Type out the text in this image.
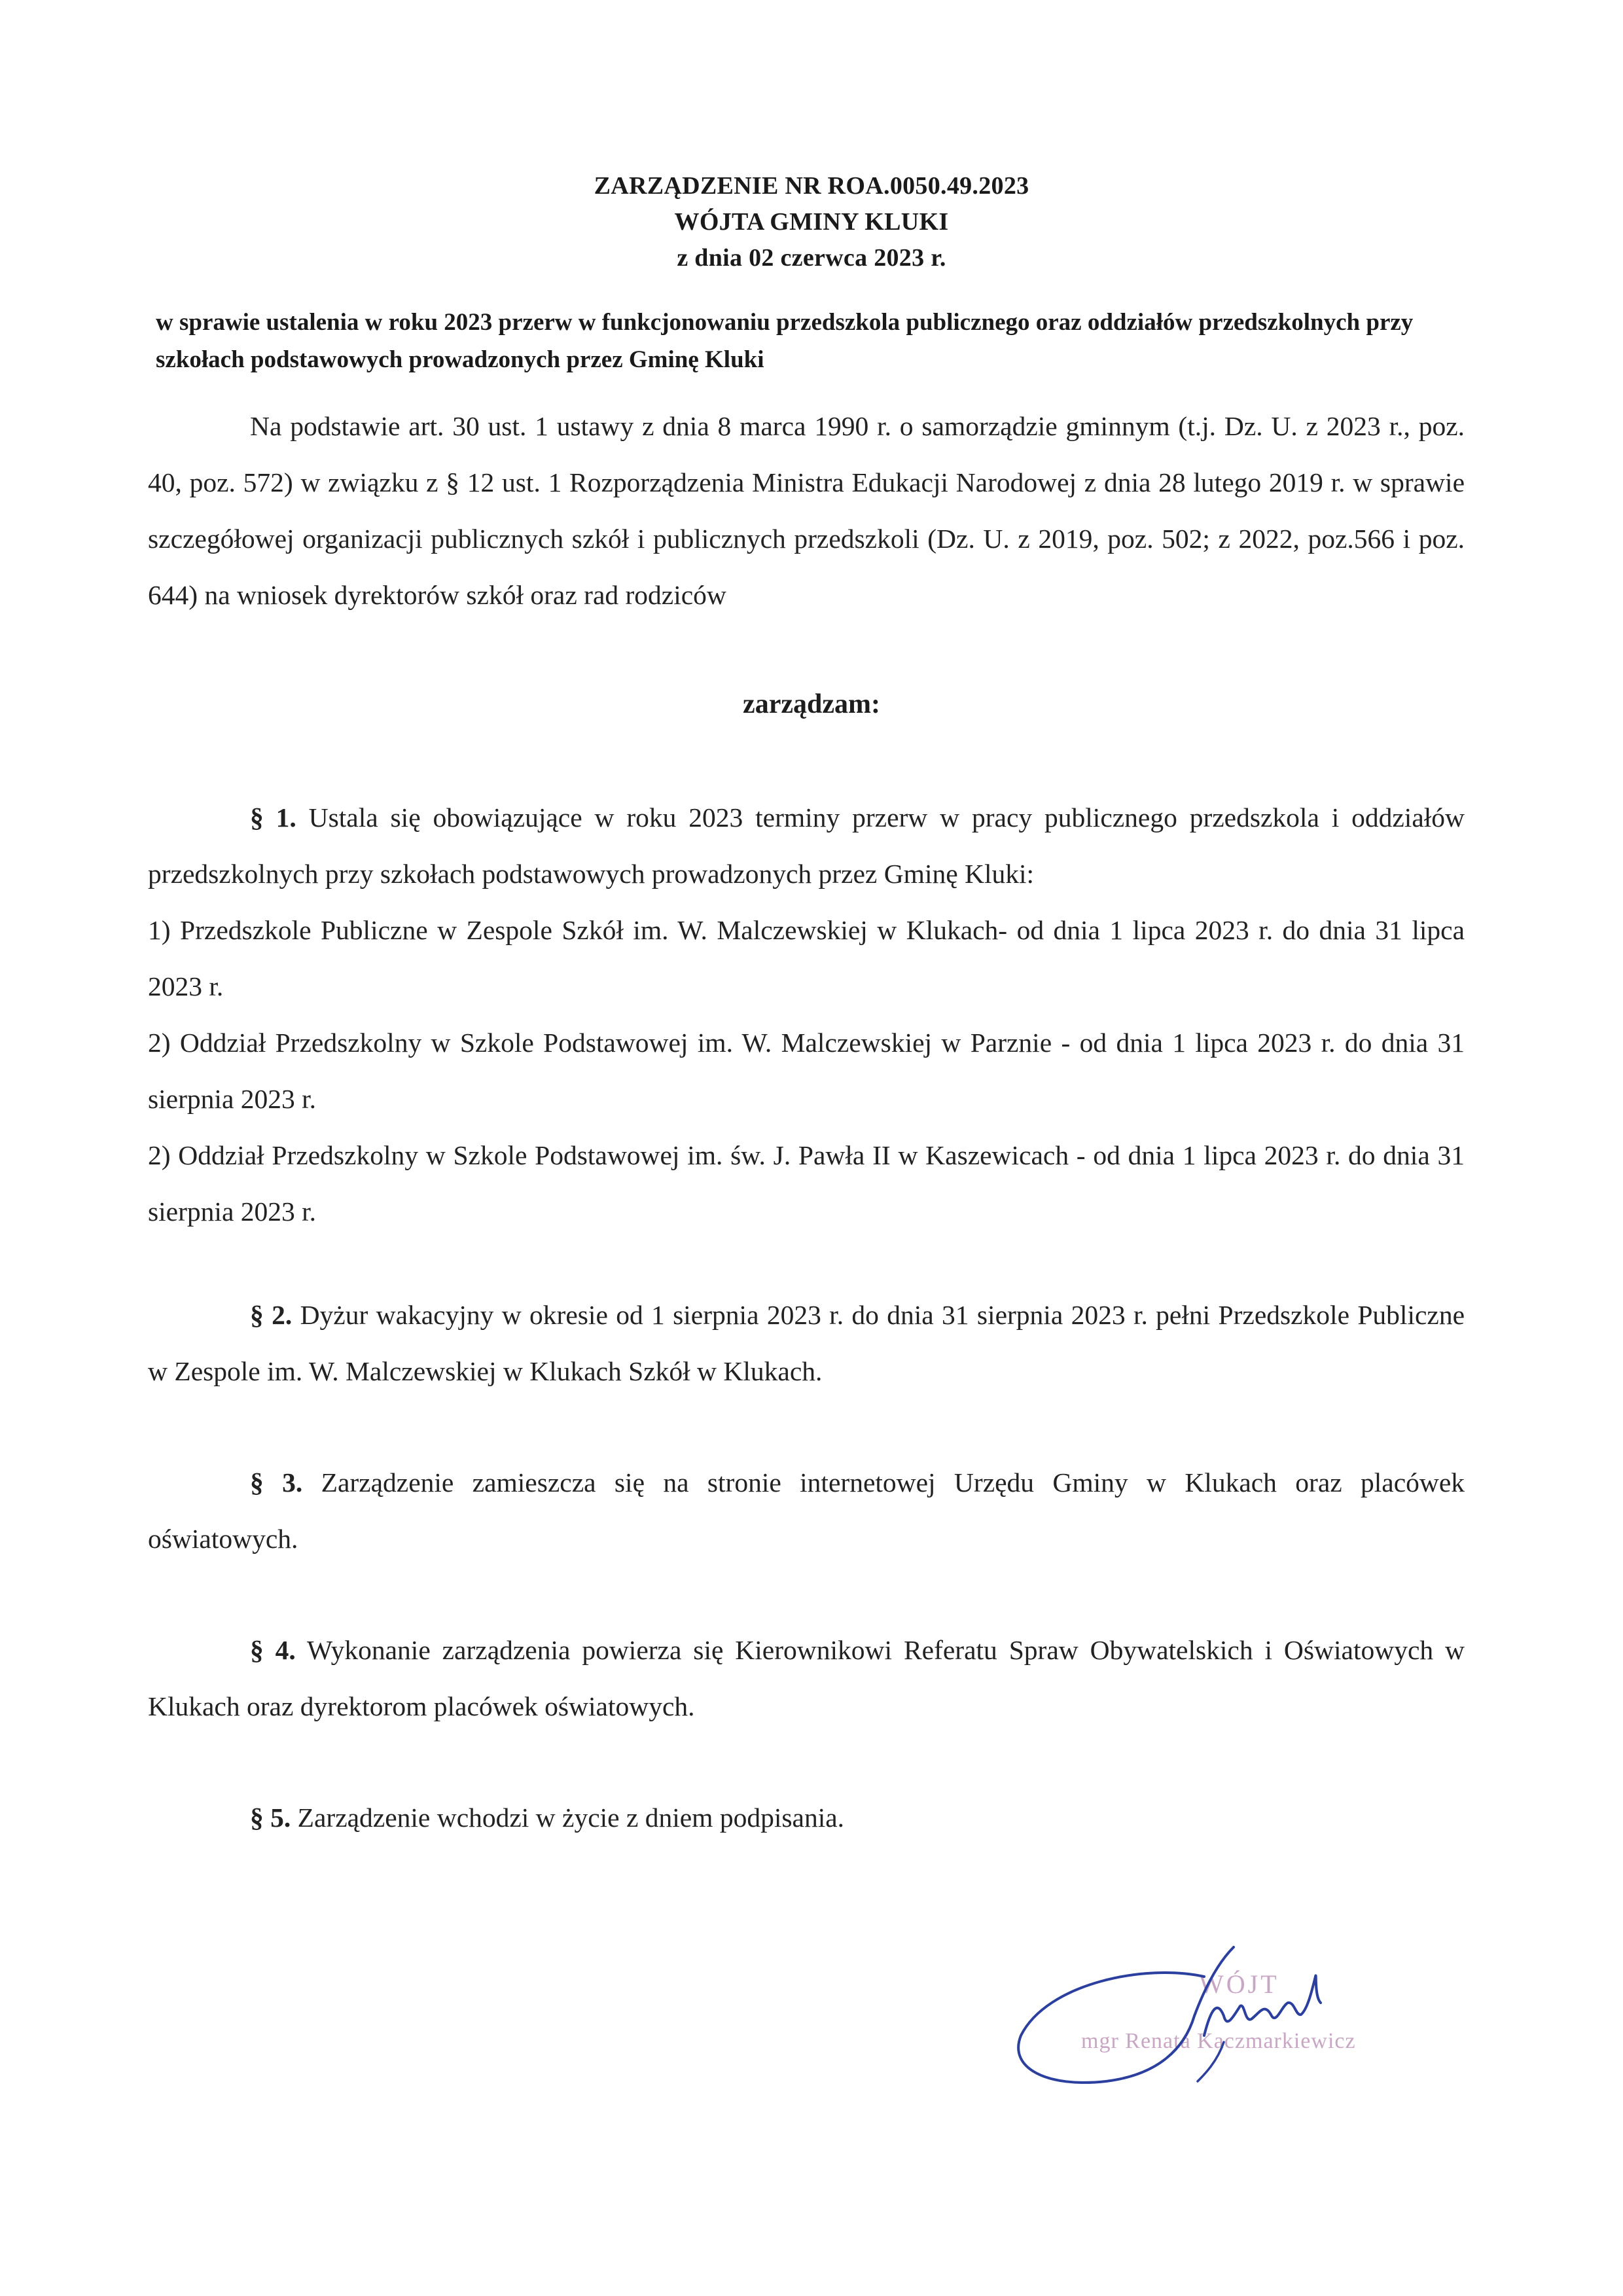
ZARZĄDZENIE NR ROA.0050.49.2023
WÓJTA GMINY KLUKI
z dnia 02 czerwca 2023 r.
w sprawie ustalenia w roku 2023 przerw w funkcjonowaniu przedszkola publicznego oraz oddziałów przedszkolnych przy szkołach podstawowych prowadzonych przez Gminę Kluki
Na podstawie art. 30 ust. 1 ustawy z dnia 8 marca 1990 r. o samorządzie gminnym (t.j. Dz. U. z 2023 r., poz. 40, poz. 572) w związku z § 12 ust. 1 Rozporządzenia Ministra Edukacji Narodowej z dnia 28 lutego 2019 r. w sprawie szczegółowej organizacji publicznych szkół i publicznych przedszkoli (Dz. U. z 2019, poz. 502; z 2022, poz.566 i poz. 644) na wniosek dyrektorów szkół oraz rad rodziców
zarządzam:
§ 1. Ustala się obowiązujące w roku 2023 terminy przerw w pracy publicznego przedszkola i oddziałów przedszkolnych przy szkołach podstawowych prowadzonych przez Gminę Kluki:
1) Przedszkole Publiczne w Zespole Szkół im. W. Malczewskiej w Klukach- od dnia 1 lipca 2023 r. do dnia 31 lipca 2023 r.
2) Oddział Przedszkolny w Szkole Podstawowej im. W. Malczewskiej w Parznie - od dnia 1 lipca 2023 r. do dnia 31 sierpnia 2023 r.
2) Oddział Przedszkolny w Szkole Podstawowej im. św. J. Pawła II w Kaszewicach - od dnia 1 lipca 2023 r. do dnia 31 sierpnia 2023 r.
§ 2. Dyżur wakacyjny w okresie od 1 sierpnia 2023 r. do dnia 31 sierpnia 2023 r. pełni Przedszkole Publiczne w Zespole im. W. Malczewskiej w Klukach Szkół w Klukach.
§ 3. Zarządzenie zamieszcza się na stronie internetowej Urzędu Gminy w Klukach oraz placówek oświatowych.
§ 4. Wykonanie zarządzenia powierza się Kierownikowi Referatu Spraw Obywatelskich i Oświatowych w Klukach oraz dyrektorom placówek oświatowych.
§ 5. Zarządzenie wchodzi w życie z dniem podpisania.
WÓJT
mgr Renata Kaczmarkiewicz
